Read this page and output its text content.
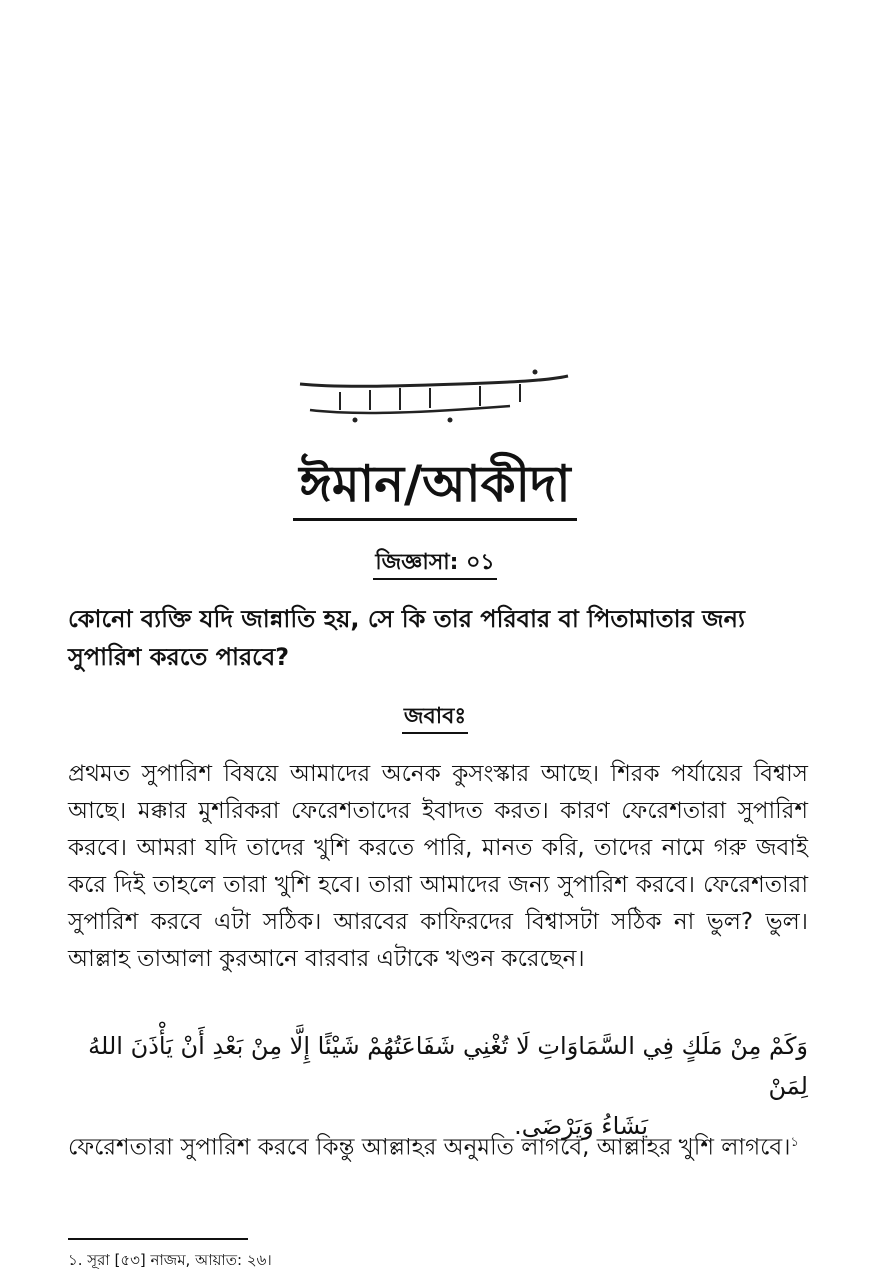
ঈমান/আকীদা
জিজ্ঞাসা: ০১
কোনো ব্যক্তি যদি জান্নাতি হয়, সে কি তার পরিবার বা পিতামাতার জন্য সুপারিশ করতে পারবে?
জবাবঃ
প্রথমত সুপারিশ বিষয়ে আমাদের অনেক কুসংস্কার আছে। শিরক পর্যায়ের বিশ্বাস আছে। মক্কার মুশরিকরা ফেরেশতাদের ইবাদত করত। কারণ ফেরেশতারা সুপারিশ করবে। আমরা যদি তাদের খুশি করতে পারি, মানত করি, তাদের নামে গরু জবাই করে দিই তাহলে তারা খুশি হবে। তারা আমাদের জন্য সুপারিশ করবে। ফেরেশতারা সুপারিশ করবে এটা সঠিক। আরবের কাফিরদের বিশ্বাসটা সঠিক না ভুল? ভুল। আল্লাহ তাআলা কুরআনে বারবার এটাকে খণ্ডন করেছেন।
وَكَمْ مِنْ مَلَكٍ فِي السَّمَاوَاتِ لَا تُغْنِي شَفَاعَتُهُمْ شَيْئًا إِلَّا مِنْ بَعْدِ أَنْ يَأْذَنَ اللهُ لِمَنْ
يَشَاءُ وَيَرْضَى.
ফেরেশতারা সুপারিশ করবে কিন্তু আল্লাহর অনুমতি লাগবে, আল্লাহর খুশি লাগবে।$^১$
১. সূরা [৫৩] নাজম, আয়াত: ২৬।
